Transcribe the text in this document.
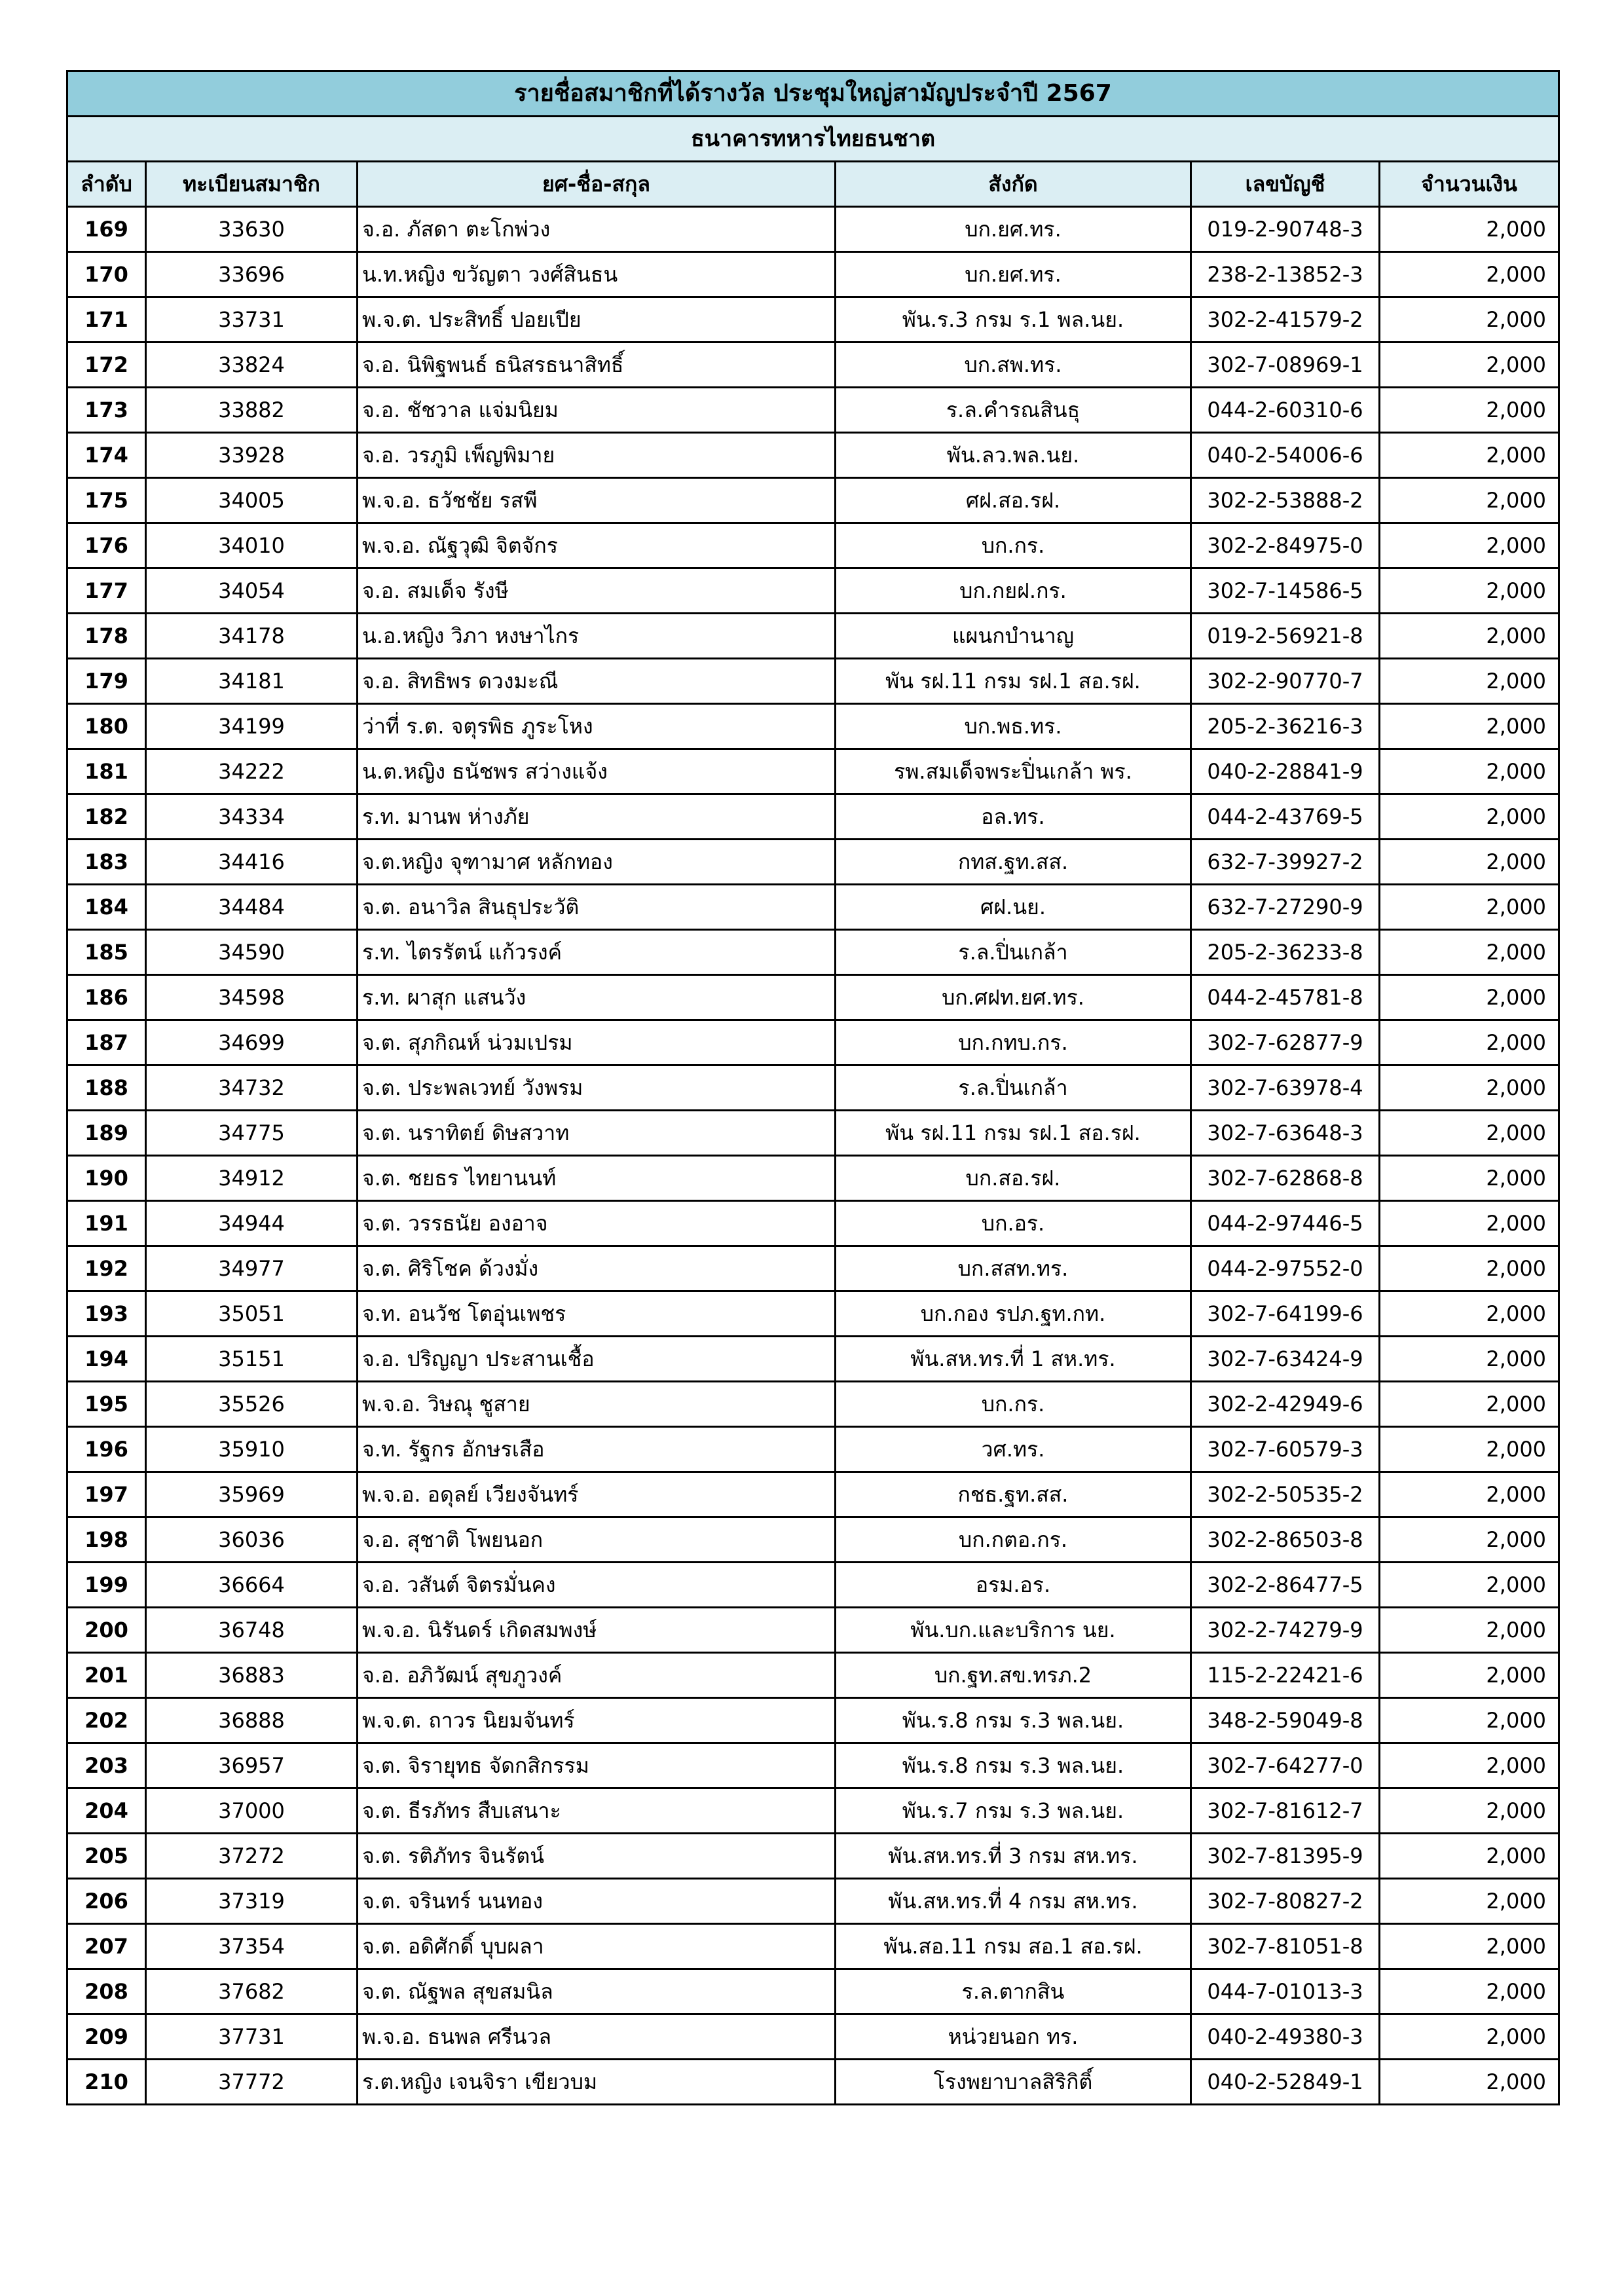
รายชื่อสมาชิกที่ได้รางวัล ประชุมใหญ่สามัญประจำปี 2567					
ธนาคารทหารไทยธนชาต					
ลำดับ	ทะเบียนสมาชิก	ยศ-ชื่อ-สกุล	สังกัด	เลขบัญชี	จำนวนเงิน
169	33630	จ.อ. ภัสดา ตะโกพ่วง	บก.ยศ.ทร.	019-2-90748-3	2,000
170	33696	น.ท.หญิง ขวัญตา วงศ์สินธน	บก.ยศ.ทร.	238-2-13852-3	2,000
171	33731	พ.จ.ต. ประสิทธิ์ ปอยเปีย	พัน.ร.3 กรม ร.1 พล.นย.	302-2-41579-2	2,000
172	33824	จ.อ. นิพิฐพนธ์ ธนิสรธนาสิทธิ์	บก.สพ.ทร.	302-7-08969-1	2,000
173	33882	จ.อ. ชัชวาล แจ่มนิยม	ร.ล.คำรณสินธุ	044-2-60310-6	2,000
174	33928	จ.อ. วรภูมิ เพ็ญพิมาย	พัน.ลว.พล.นย.	040-2-54006-6	2,000
175	34005	พ.จ.อ. ธวัชชัย รสพี	ศฝ.สอ.รฝ.	302-2-53888-2	2,000
176	34010	พ.จ.อ. ณัฐวุฒิ จิตจักร	บก.กร.	302-2-84975-0	2,000
177	34054	จ.อ. สมเด็จ รังษี	บก.กยฝ.กร.	302-7-14586-5	2,000
178	34178	น.อ.หญิง วิภา หงษาไกร	แผนกบำนาญ	019-2-56921-8	2,000
179	34181	จ.อ. สิทธิพร ดวงมะณี	พัน รฝ.11 กรม รฝ.1 สอ.รฝ.	302-2-90770-7	2,000
180	34199	ว่าที่ ร.ต. จตุรพิธ ภูระโหง	บก.พธ.ทร.	205-2-36216-3	2,000
181	34222	น.ต.หญิง ธนัชพร สว่างแจ้ง	รพ.สมเด็จพระปิ่นเกล้า พร.	040-2-28841-9	2,000
182	34334	ร.ท. มานพ ห่างภัย	อล.ทร.	044-2-43769-5	2,000
183	34416	จ.ต.หญิง จุฑามาศ หลักทอง	กทส.ฐท.สส.	632-7-39927-2	2,000
184	34484	จ.ต. อนาวิล สินธุประวัติ	ศฝ.นย.	632-7-27290-9	2,000
185	34590	ร.ท. ไตรรัตน์ แก้วรงค์	ร.ล.ปิ่นเกล้า	205-2-36233-8	2,000
186	34598	ร.ท. ผาสุก แสนวัง	บก.ศฝท.ยศ.ทร.	044-2-45781-8	2,000
187	34699	จ.ต. สุภกิณห์ น่วมเปรม	บก.กทบ.กร.	302-7-62877-9	2,000
188	34732	จ.ต. ประพลเวทย์ วังพรม	ร.ล.ปิ่นเกล้า	302-7-63978-4	2,000
189	34775	จ.ต. นราทิตย์ ดิษสวาท	พัน รฝ.11 กรม รฝ.1 สอ.รฝ.	302-7-63648-3	2,000
190	34912	จ.ต. ชยธร ไทยานนท์	บก.สอ.รฝ.	302-7-62868-8	2,000
191	34944	จ.ต. วรรธนัย องอาจ	บก.อร.	044-2-97446-5	2,000
192	34977	จ.ต. ศิริโชค ด้วงมั่ง	บก.สสท.ทร.	044-2-97552-0	2,000
193	35051	จ.ท. อนวัช โตอุ่นเพชร	บก.กอง รปภ.ฐท.กท.	302-7-64199-6	2,000
194	35151	จ.อ. ปริญญา ประสานเชื้อ	พัน.สห.ทร.ที่ 1 สห.ทร.	302-7-63424-9	2,000
195	35526	พ.จ.อ. วิษณุ ชูสาย	บก.กร.	302-2-42949-6	2,000
196	35910	จ.ท. รัฐกร อักษรเสือ	วศ.ทร.	302-7-60579-3	2,000
197	35969	พ.จ.อ. อดุลย์ เวียงจันทร์	กชธ.ฐท.สส.	302-2-50535-2	2,000
198	36036	จ.อ. สุชาติ โพยนอก	บก.กตอ.กร.	302-2-86503-8	2,000
199	36664	จ.อ. วสันต์ จิตรมั่นคง	อรม.อร.	302-2-86477-5	2,000
200	36748	พ.จ.อ. นิรันดร์ เกิดสมพงษ์	พัน.บก.และบริการ นย.	302-2-74279-9	2,000
201	36883	จ.อ. อภิวัฒน์ สุขภูวงค์	บก.ฐท.สข.ทรภ.2	115-2-22421-6	2,000
202	36888	พ.จ.ต. ถาวร นิยมจันทร์	พัน.ร.8 กรม ร.3 พล.นย.	348-2-59049-8	2,000
203	36957	จ.ต. จิรายุทธ จัดกสิกรรม	พัน.ร.8 กรม ร.3 พล.นย.	302-7-64277-0	2,000
204	37000	จ.ต. ธีรภัทร สืบเสนาะ	พัน.ร.7 กรม ร.3 พล.นย.	302-7-81612-7	2,000
205	37272	จ.ต. รติภัทร จินรัตน์	พัน.สห.ทร.ที่ 3 กรม สห.ทร.	302-7-81395-9	2,000
206	37319	จ.ต. จรินทร์ นนทอง	พัน.สห.ทร.ที่ 4 กรม สห.ทร.	302-7-80827-2	2,000
207	37354	จ.ต. อดิศักดิ์ บุบผลา	พัน.สอ.11 กรม สอ.1 สอ.รฝ.	302-7-81051-8	2,000
208	37682	จ.ต. ณัฐพล สุขสมนิล	ร.ล.ตากสิน	044-7-01013-3	2,000
209	37731	พ.จ.อ. ธนพล ศรีนวล	หน่วยนอก ทร.	040-2-49380-3	2,000
210	37772	ร.ต.หญิง เจนจิรา เขียวบม	โรงพยาบาลสิริกิติ์	040-2-52849-1	2,000
